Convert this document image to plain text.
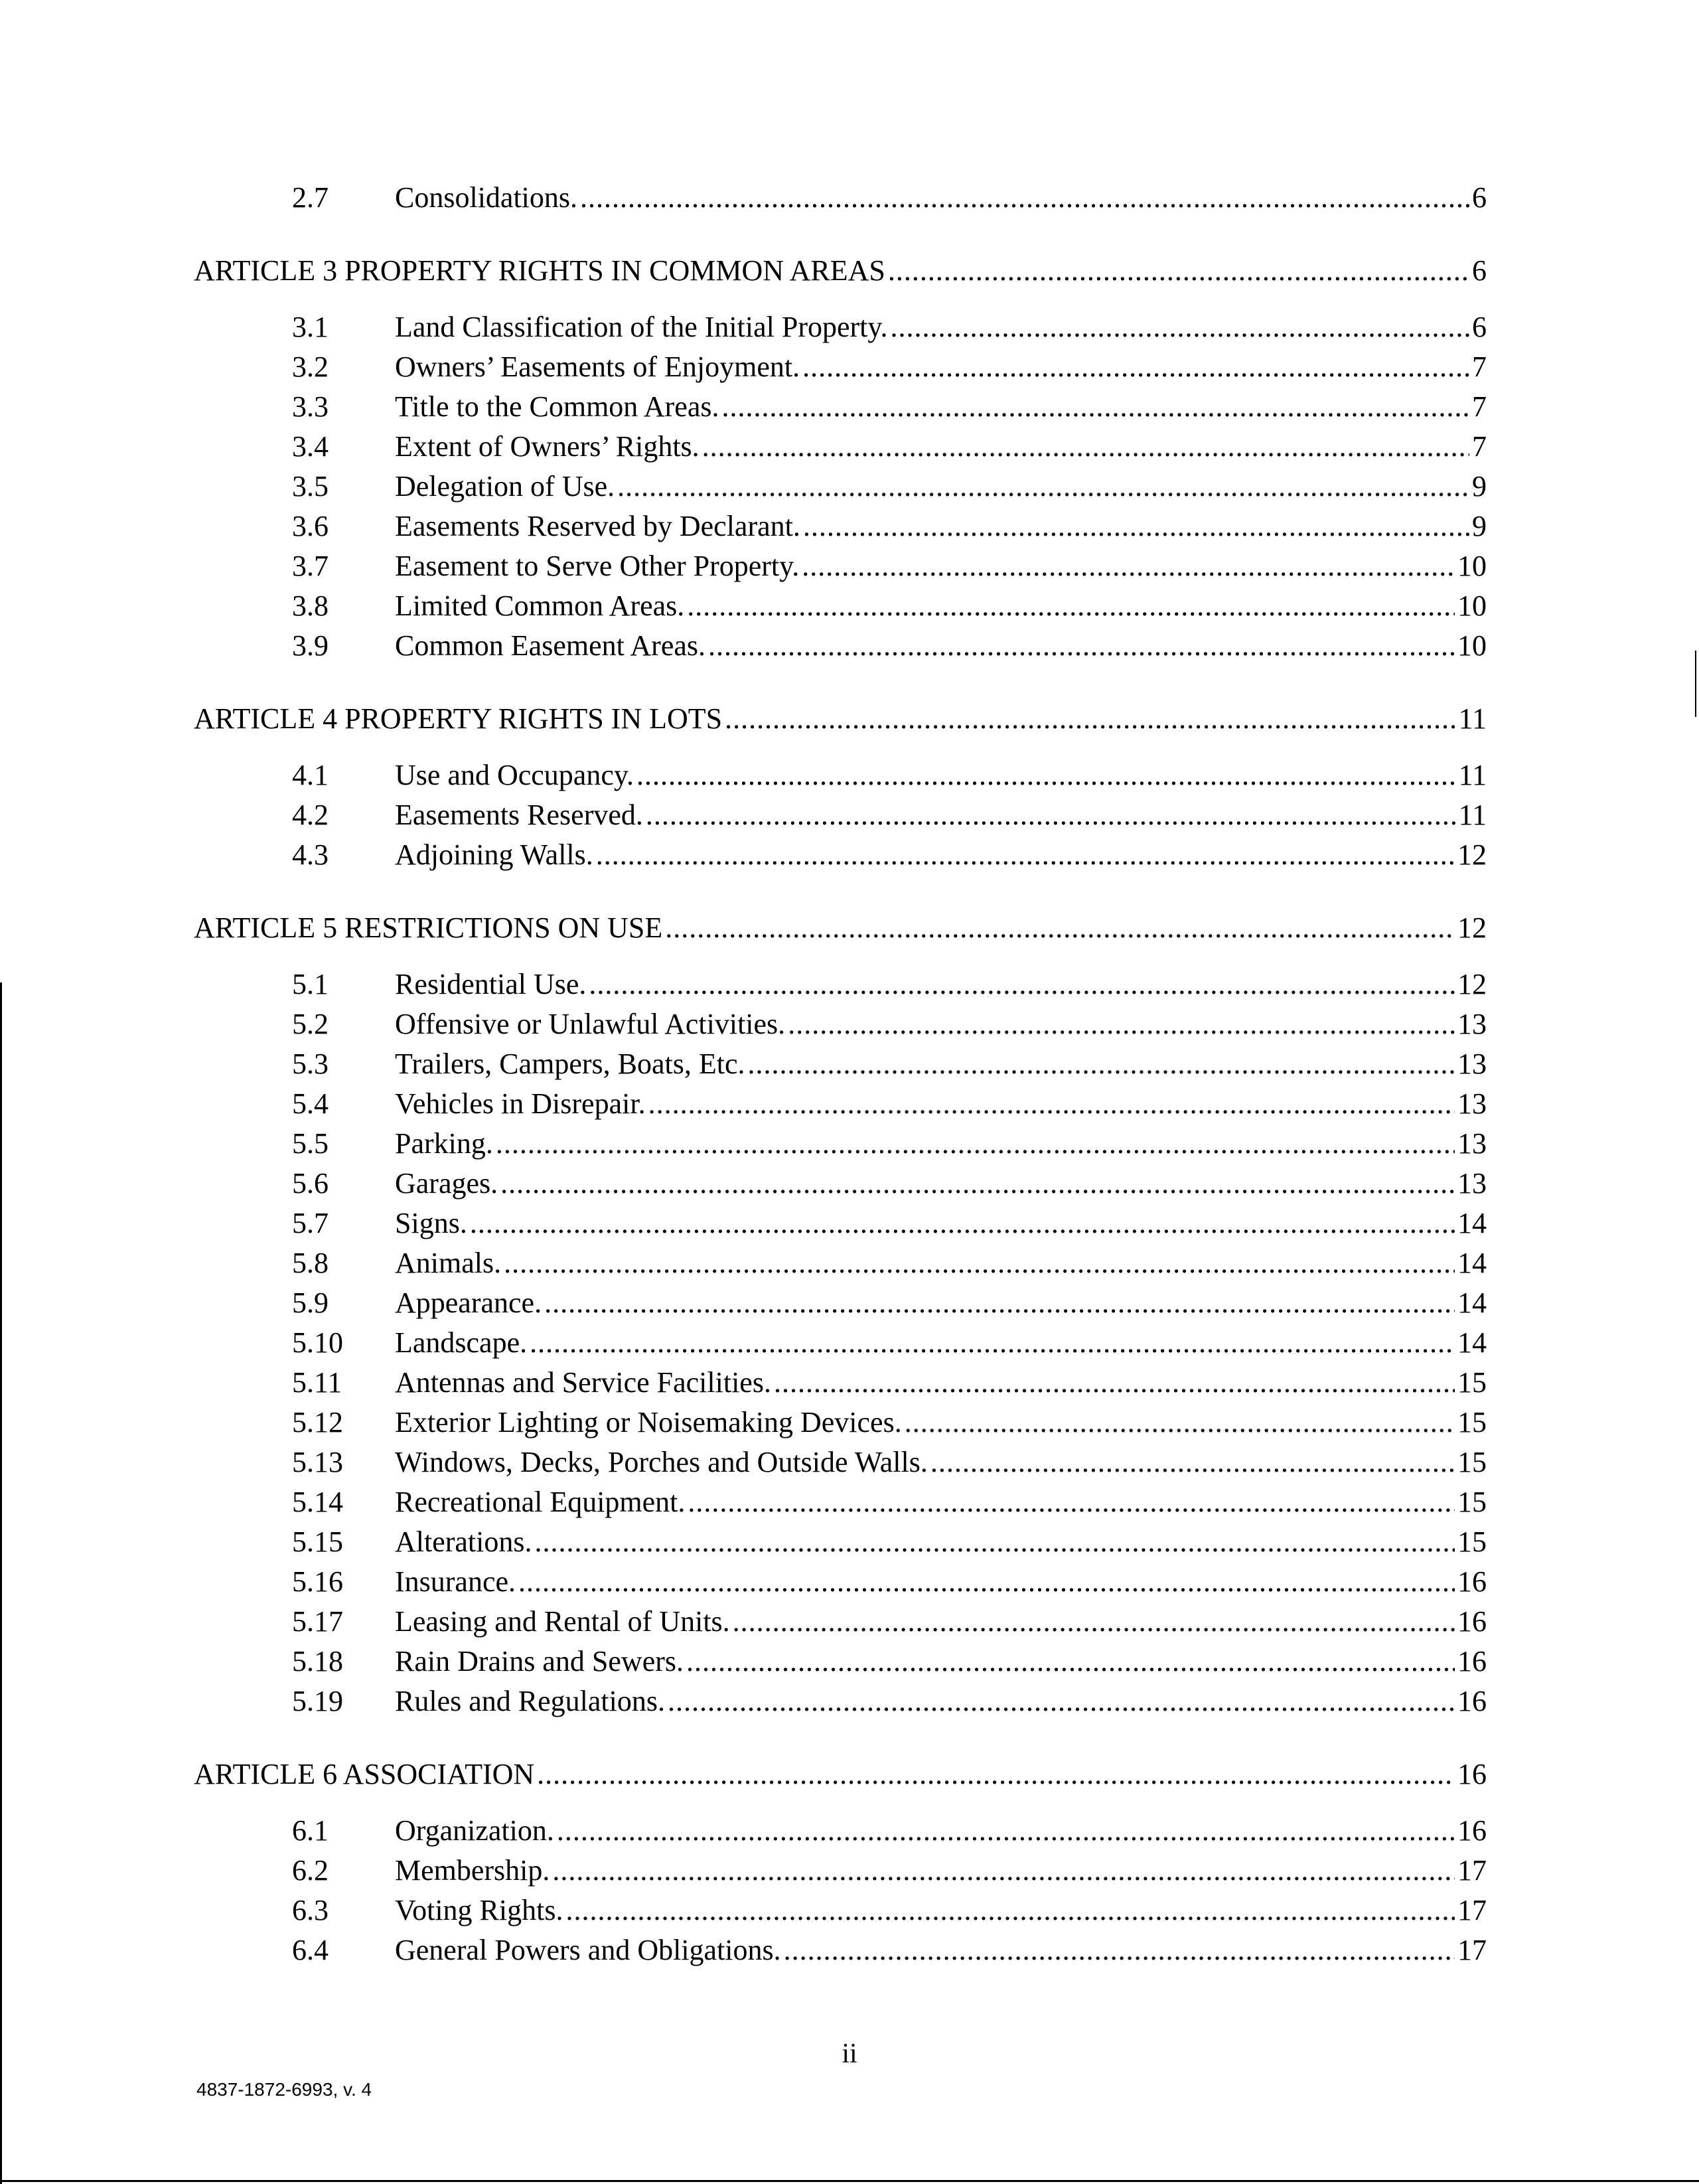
2.7	Consolidations. .....	6
ARTICLE 3 PROPERTY RIGHTS IN COMMON AREAS .....	6
3.1	Land Classification of the Initial Property. .....	6
3.2	Owners’ Easements of Enjoyment. .....	7
3.3	Title to the Common Areas. .....	7
3.4	Extent of Owners’ Rights. .....	7
3.5	Delegation of Use. .....	9
3.6	Easements Reserved by Declarant. .....	9
3.7	Easement to Serve Other Property. .....	10
3.8	Limited Common Areas. .....	10
3.9	Common Easement Areas. .....	10
ARTICLE 4 PROPERTY RIGHTS IN LOTS .....	11
4.1	Use and Occupancy. .....	11
4.2	Easements Reserved. .....	11
4.3	Adjoining Walls. .....	12
ARTICLE 5 RESTRICTIONS ON USE .....	12
5.1	Residential Use. .....	12
5.2	Offensive or Unlawful Activities. .....	13
5.3	Trailers, Campers, Boats, Etc. .....	13
5.4	Vehicles in Disrepair. .....	13
5.5	Parking. .....	13
5.6	Garages. .....	13
5.7	Signs. .....	14
5.8	Animals. .....	14
5.9	Appearance. .....	14
5.10	Landscape. .....	14
5.11	Antennas and Service Facilities. .....	15
5.12	Exterior Lighting or Noisemaking Devices. .....	15
5.13	Windows, Decks, Porches and Outside Walls. .....	15
5.14	Recreational Equipment. .....	15
5.15	Alterations. .....	15
5.16	Insurance. .....	16
5.17	Leasing and Rental of Units. .....	16
5.18	Rain Drains and Sewers. .....	16
5.19	Rules and Regulations. .....	16
ARTICLE 6 ASSOCIATION .....	16
6.1	Organization. .....	16
6.2	Membership. .....	17
6.3	Voting Rights. .....	17
6.4	General Powers and Obligations. .....	17
ii
4837-1872-6993, v. 4
